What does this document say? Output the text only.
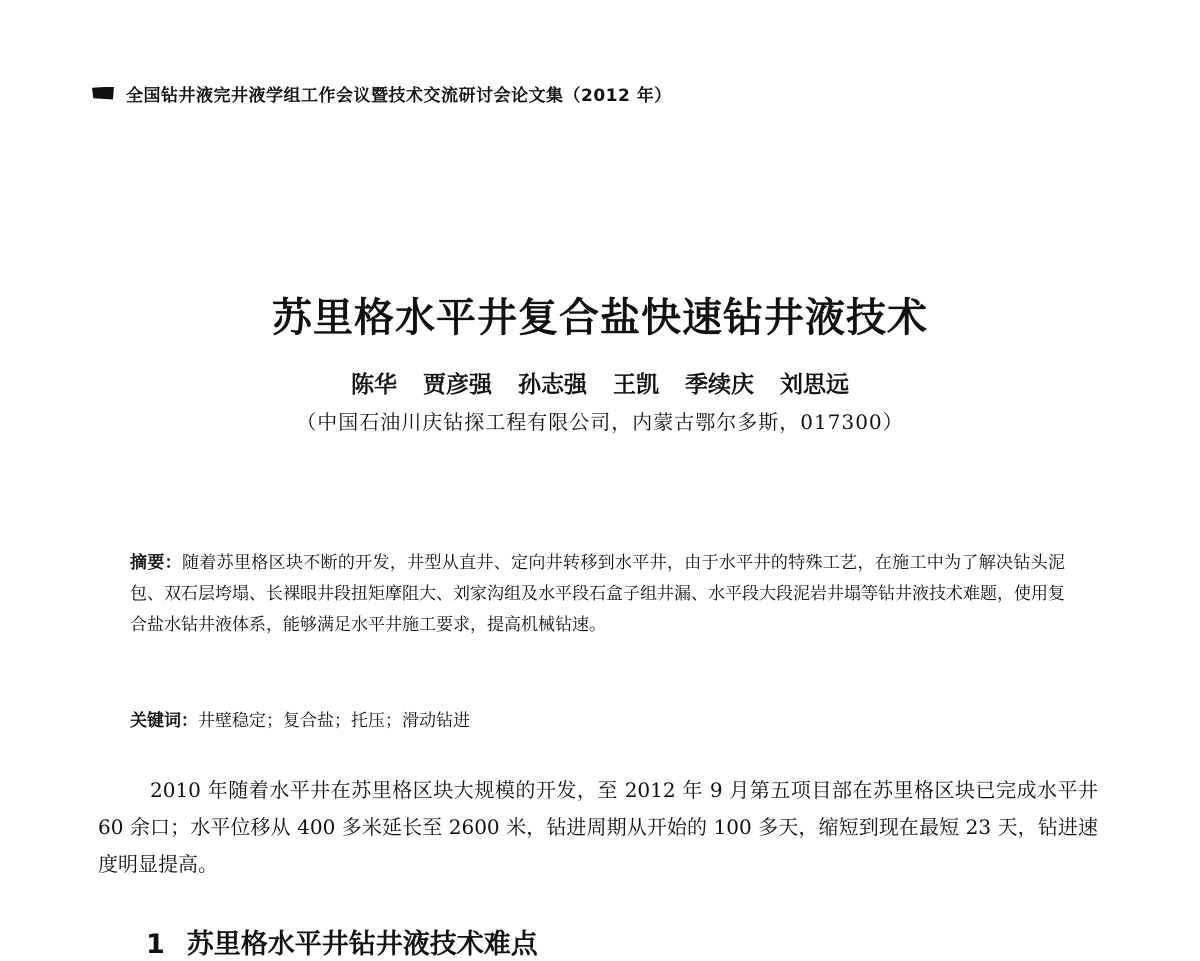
全国钻井液完井液学组工作会议暨技术交流研讨会论文集（2012 年）
苏里格水平井复合盐快速钻井液技术
陈华 贾彦强 孙志强 王凯 季续庆 刘思远
（中国石油川庆钻探工程有限公司，内蒙古鄂尔多斯，017300）

摘要：随着苏里格区块不断的开发，井型从直井、定向井转移到水平井，由于水平井的特殊工艺，在施工中为了解决钻头泥包、双石层垮塌、长裸眼井段扭矩摩阻大、刘家沟组及水平段石盒子组井漏、水平段大段泥岩井塌等钻井液技术难题，使用复合盐水钻井液体系，能够满足水平井施工要求，提高机械钻速。

关键词：井壁稳定；复合盐；托压；滑动钻进

2010 年随着水平井在苏里格区块大规模的开发，至 2012 年 9 月第五项目部在苏里格区块已完成水平井 60 余口；水平位移从 400 多米延长至 2600 米，钻进周期从开始的 100 多天，缩短到现在最短 23 天，钻进速度明显提高。

1 苏里格水平井钻井液技术难点
